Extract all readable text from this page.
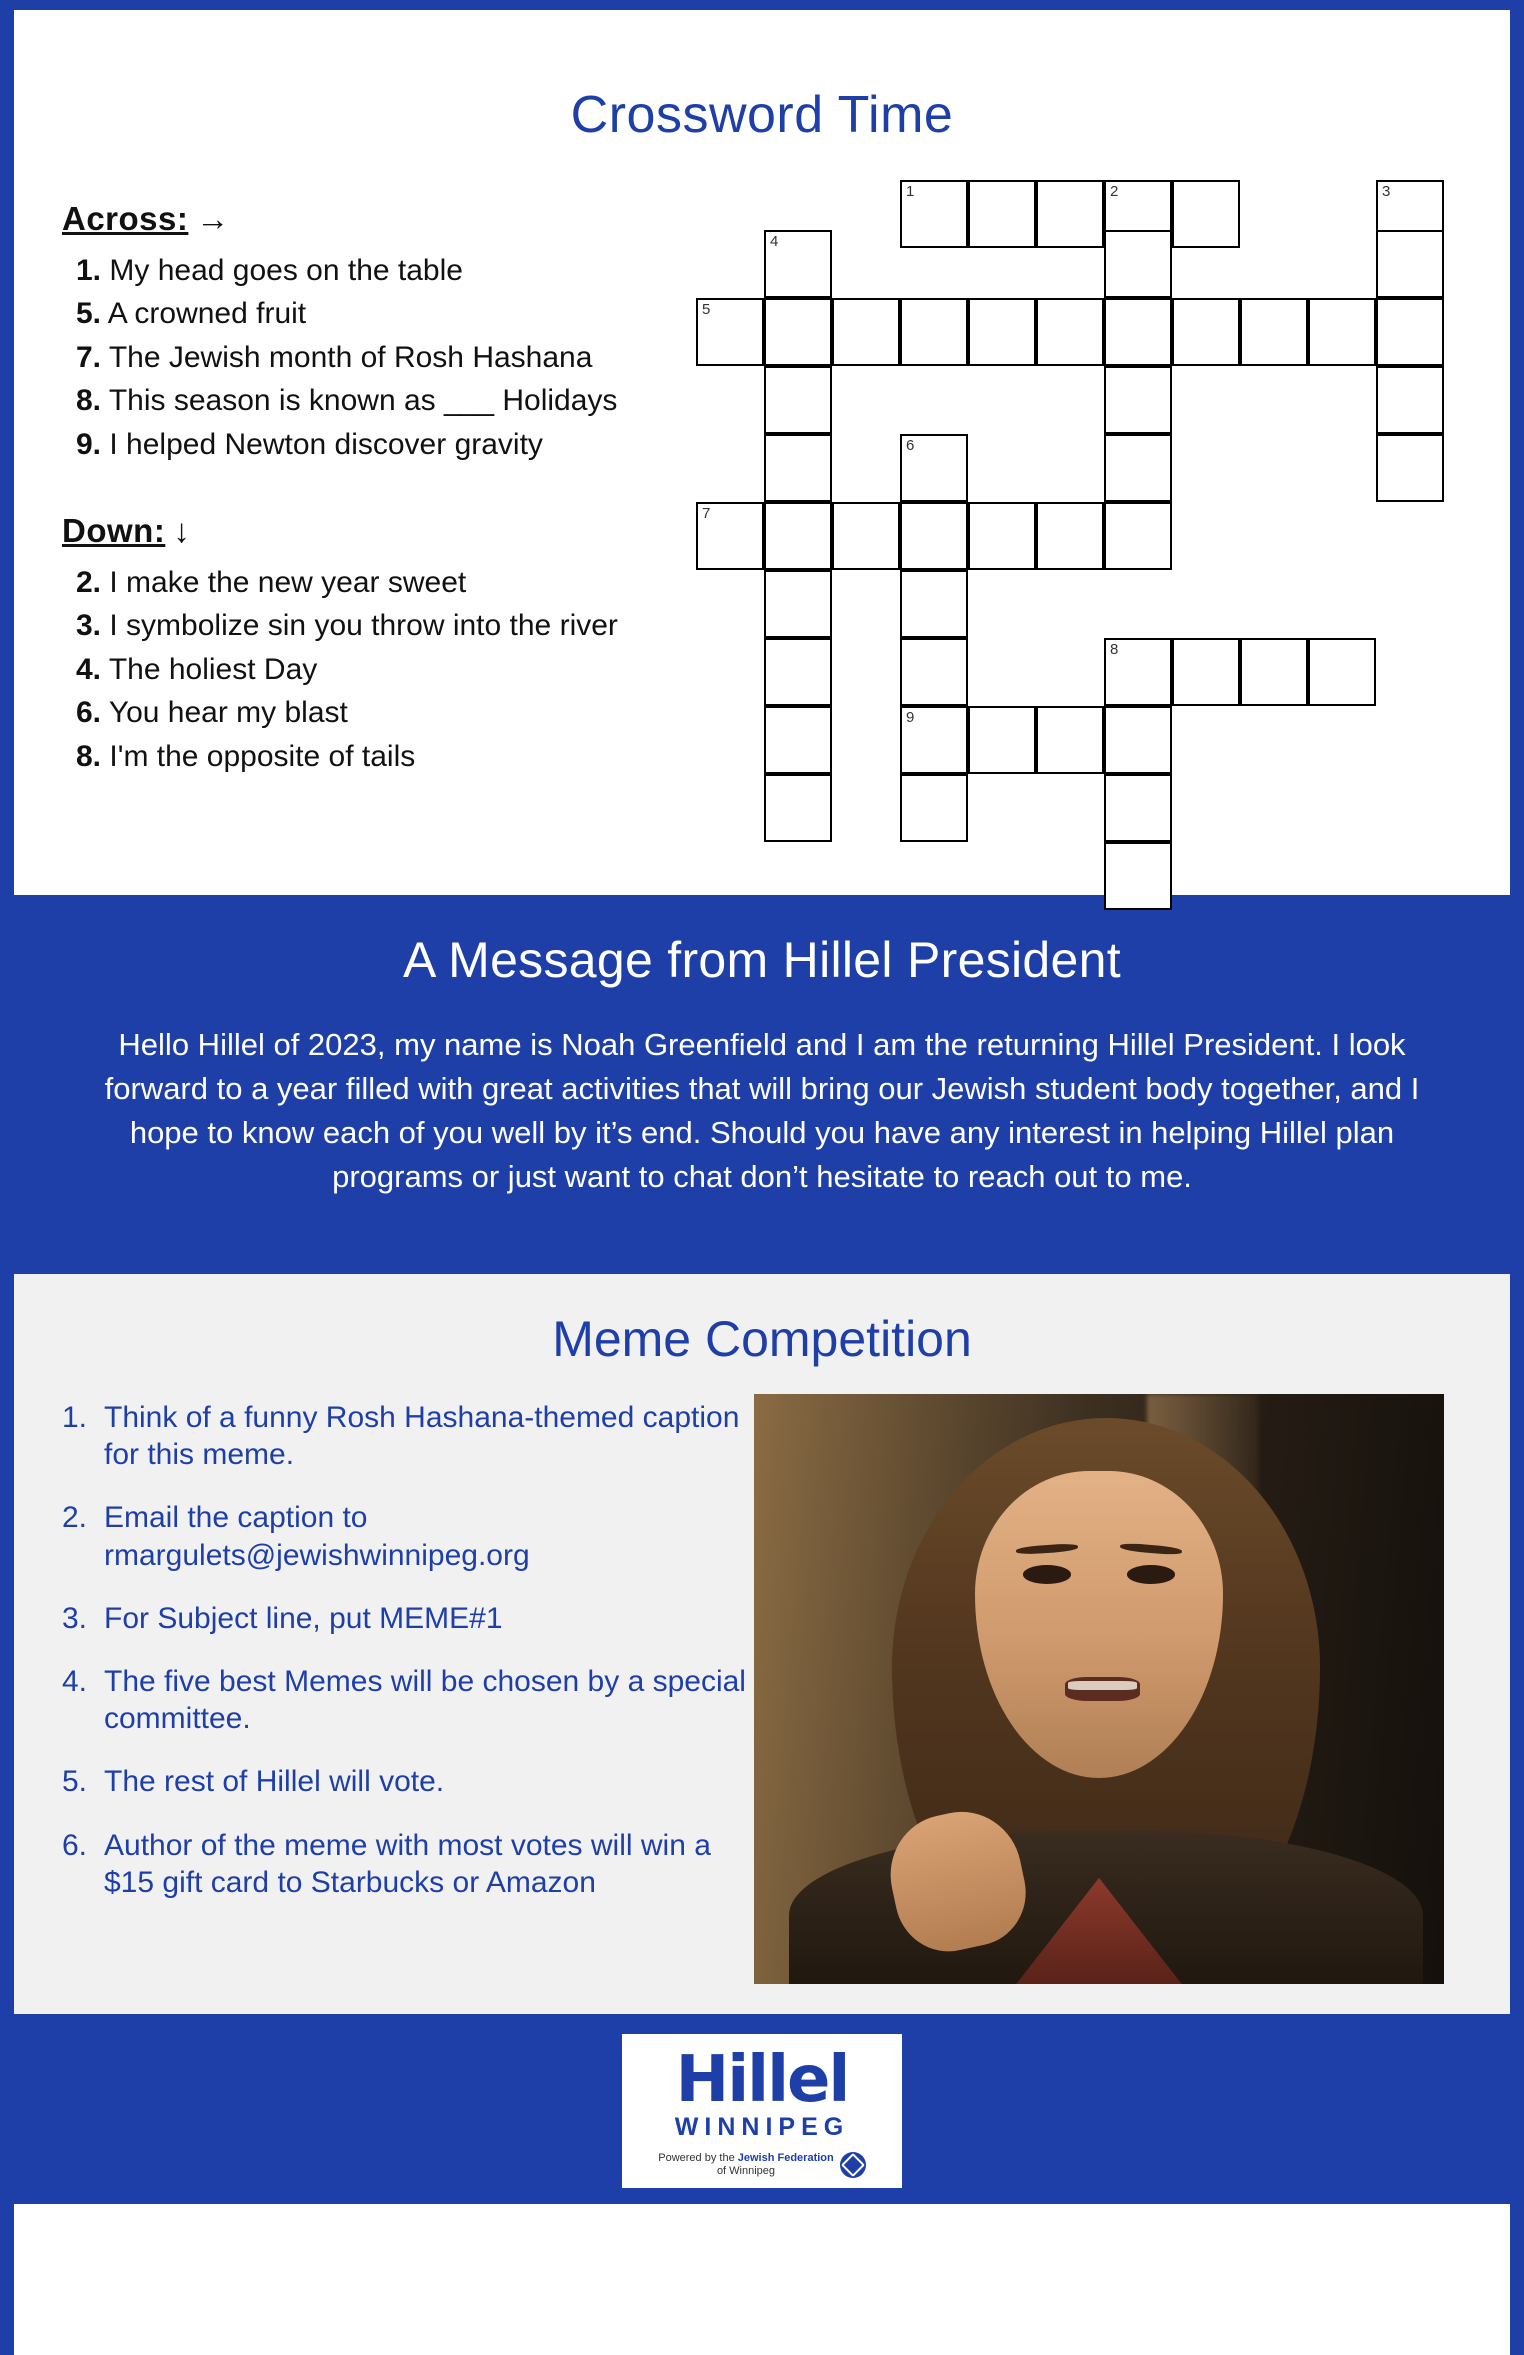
Crossword Time
Across: →
1. My head goes on the table
5. A crowned fruit
7. The Jewish month of Rosh Hashana
8. This season is known as ___ Holidays
9. I helped Newton discover gravity
Down: ↓
2. I make the new year sweet
3. I symbolize sin you throw into the river
4. The holiest Day
6. You hear my blast
8. I'm the opposite of tails
1	2	3
4
5
6
7
8
9
A Message from Hillel President

Hello Hillel of 2023, my name is Noah Greenfield and I am the returning Hillel President. I look forward to a year filled with great activities that will bring our Jewish student body together, and I hope to know each of you well by it’s end. Should you have any interest in helping Hillel plan programs or just want to chat don’t hesitate to reach out to me.

Meme Competition
1. Think of a funny Rosh Hashana-themed caption for this meme.
2. Email the caption to rmargulets@jewishwinnipeg.org
3. For Subject line, put MEME#1
4. The five best Memes will be chosen by a special committee.
5. The rest of Hillel will vote.
6. Author of the meme with most votes will win a $15 gift card to Starbucks or Amazon
Hillel
WINNIPEG
Powered by the Jewish Federation
of Winnipeg
